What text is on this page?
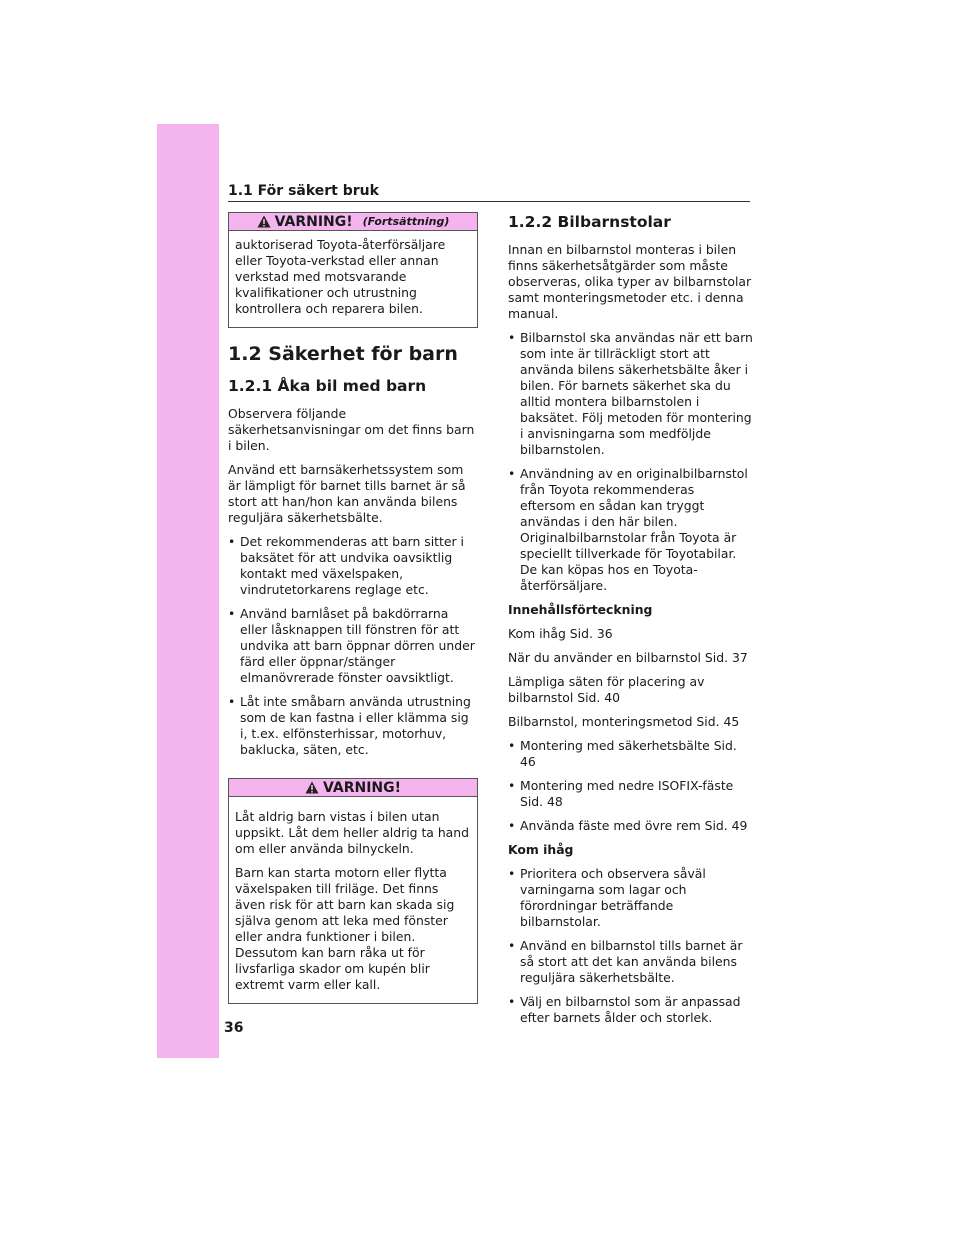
1.1 För säkert bruk
VARNING! (Fortsättning)

auktoriserad Toyota-återförsäljare eller Toyota-verkstad eller annan verkstad med motsvarande kvalifikationer och utrustning kontrollera och reparera bilen.

1.2 Säkerhet för barn
1.2.1 Åka bil med barn

Observera följande säkerhetsanvisningar om det finns barn i bilen.

Använd ett barnsäkerhetssystem som är lämpligt för barnet tills barnet är så stort att han/hon kan använda bilens reguljära säkerhetsbälte.

• Det rekommenderas att barn sitter i baksätet för att undvika oavsiktlig kontakt med växelspaken, vindrutetorkarens reglage etc.

• Använd barnlåset på bakdörrarna eller låsknappen till fönstren för att undvika att barn öppnar dörren under färd eller öppnar/stänger elmanövrerade fönster oavsiktligt.

• Låt inte småbarn använda utrustning som de kan fastna i eller klämma sig i, t.ex. elfönsterhissar, motorhuv, baklucka, säten, etc.

VARNING!

Låt aldrig barn vistas i bilen utan uppsikt. Låt dem heller aldrig ta hand om eller använda bilnyckeln.

Barn kan starta motorn eller flytta växelspaken till friläge. Det finns även risk för att barn kan skada sig själva genom att leka med fönster eller andra funktioner i bilen. Dessutom kan barn råka ut för livsfarliga skador om kupén blir extremt varm eller kall.

1.2.2 Bilbarnstolar

Innan en bilbarnstol monteras i bilen finns säkerhetsåtgärder som måste observeras, olika typer av bilbarnstolar samt monteringsmetoder etc. i denna manual.

• Bilbarnstol ska användas när ett barn som inte är tillräckligt stort att använda bilens säkerhetsbälte åker i bilen. För barnets säkerhet ska du alltid montera bilbarnstolen i baksätet. Följ metoden för montering i anvisningarna som medföljde bilbarnstolen.

• Användning av en originalbilbarnstol från Toyota rekommenderas eftersom en sådan kan tryggt användas i den här bilen. Originalbilbarnstolar från Toyota är speciellt tillverkade för Toyotabilar. De kan köpas hos en Toyota-återförsäljare.

Innehållsförteckning

Kom ihåg Sid. 36

När du använder en bilbarnstol Sid. 37

Lämpliga säten för placering av bilbarnstol Sid. 40

Bilbarnstol, monteringsmetod Sid. 45

• Montering med säkerhetsbälte Sid. 46

• Montering med nedre ISOFIX-fäste Sid. 48

• Använda fäste med övre rem Sid. 49

Kom ihåg

• Prioritera och observera såväl varningarna som lagar och förordningar beträffande bilbarnstolar.

• Använd en bilbarnstol tills barnet är så stort att det kan använda bilens reguljära säkerhetsbälte.

• Välj en bilbarnstol som är anpassad efter barnets ålder och storlek.

36
